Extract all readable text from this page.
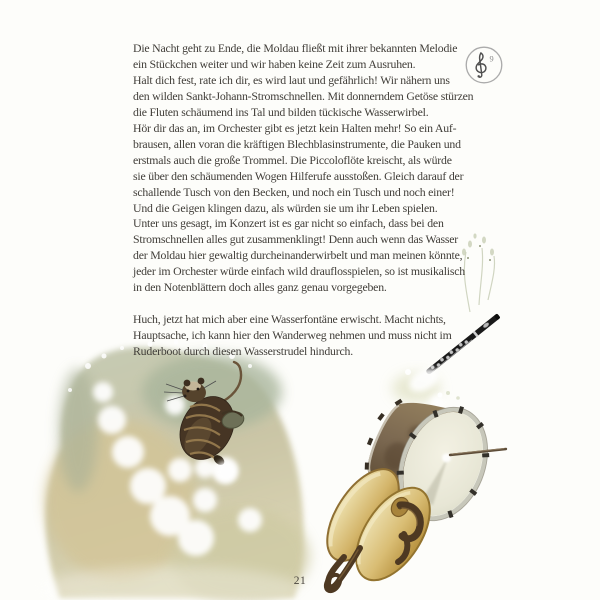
Die Nacht geht zu Ende, die Moldau fließt mit ihrer bekannten Melodie
ein Stückchen weiter und wir haben keine Zeit zum Ausruhen.
Halt dich fest, rate ich dir, es wird laut und gefährlich! Wir nähern uns
den wilden Sankt-Johann-Stromschnellen. Mit donnerndem Getöse stürzen
die Fluten schäumend ins Tal und bilden tückische Wasserwirbel.
Hör dir das an, im Orchester gibt es jetzt kein Halten mehr! So ein Auf-
brausen, allen voran die kräftigen Blechblasinstrumente, die Pauken und
erstmals auch die große Trommel. Die Piccoloflöte kreischt, als würde
sie über den schäumenden Wogen Hilferufe ausstoßen. Gleich darauf der
schallende Tusch von den Becken, und noch ein Tusch und noch einer!
Und die Geigen klingen dazu, als würden sie um ihr Leben spielen.
Unter uns gesagt, im Konzert ist es gar nicht so einfach, dass bei den
Stromschnellen alles gut zusammenklingt! Denn auch wenn das Wasser
der Moldau hier gewaltig durcheinanderwirbelt und man meinen könnte,
jeder im Orchester würde einfach wild drauflosspielen, so ist musikalisch
in den Notenblättern doch alles ganz genau vorgegeben.
Huch, jetzt hat mich aber eine Wasserfontäne erwischt. Macht nichts,
Hauptsache, ich kann hier den Wanderweg nehmen und muss nicht im
Ruderboot durch diesen Wasserstrudel hindurch.
9
21
